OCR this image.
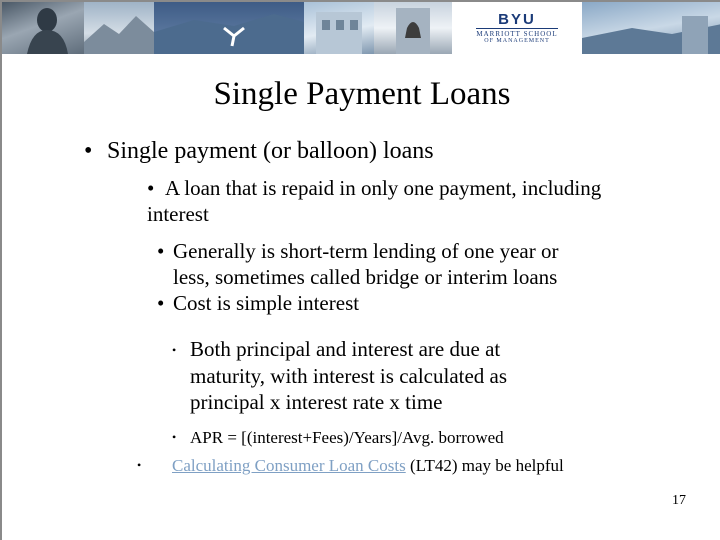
BYU
MARRIOTT SCHOOL
OF MANAGEMENT
Single Payment Loans
• Single payment (or balloon) loans
• A loan that is repaid in only one payment, including
interest
• Generally is short-term lending of one year or
less, sometimes called bridge or interim loans
• Cost is simple interest
• Both principal and interest are due at
maturity, with interest is calculated as
principal x interest rate x time
• APR = [(interest+Fees)/Years]/Avg. borrowed
• Calculating Consumer Loan Costs (LT42) may be helpful
17
